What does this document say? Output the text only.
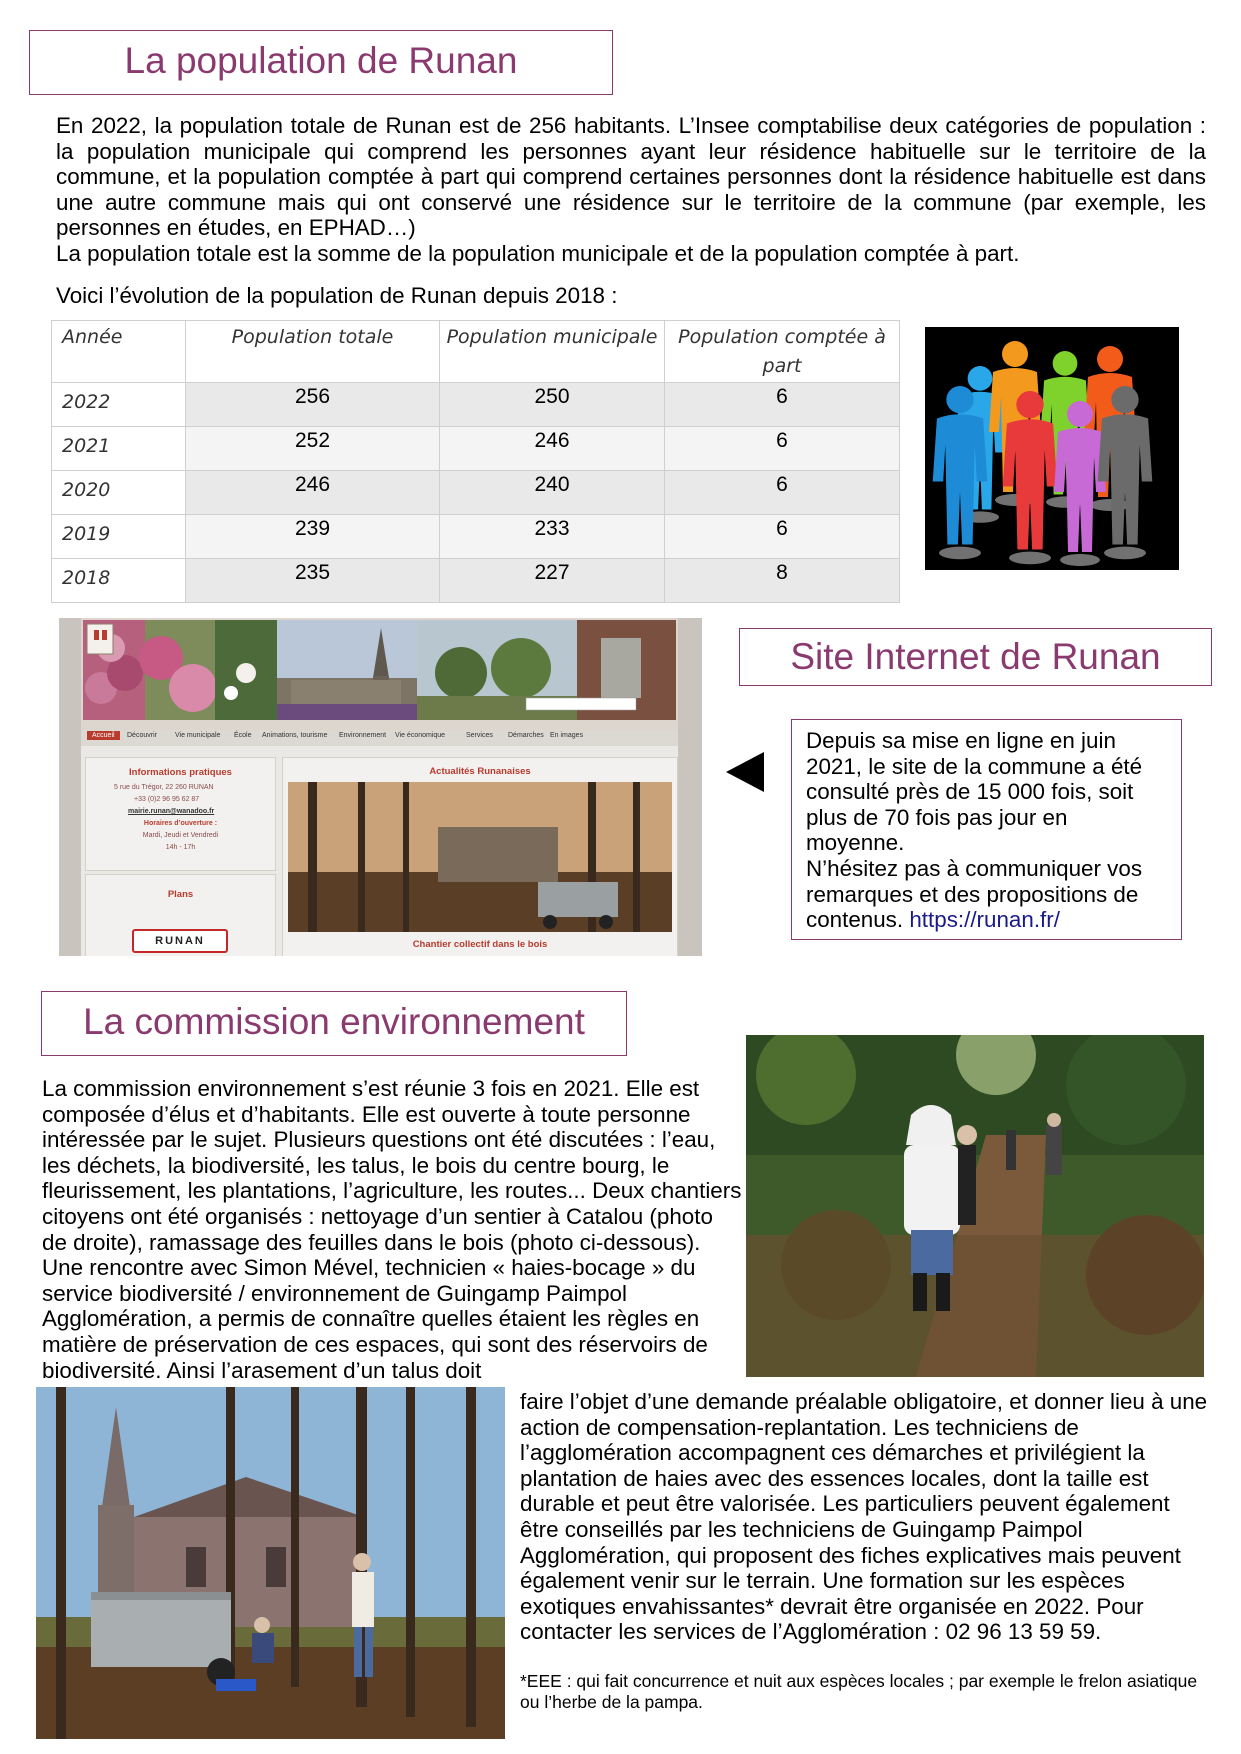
La population de Runan

En 2022, la population totale de Runan est de 256 habitants. L’Insee comptabilise deux catégories de population : la population municipale qui comprend les personnes ayant leur résidence habituelle sur le territoire de la commune, et la population comptée à part qui comprend certaines personnes dont la résidence habituelle est dans une autre commune mais qui ont conservé une résidence sur le territoire de la commune (par exemple, les personnes en études, en EPHAD…)

La population totale est la somme de la population municipale et de la population comptée à part.

Voici l’évolution de la population de Runan depuis 2018 :
Année	Population totale	Population municipale	Population comptée à part
2022	256	250	6
2021	252	246	6
2020	246	240	6
2019	239	233	6
2018	235	227	8
Accueil	Découvrir	Vie municipale École Animations, tourisme Environnement Vie économique	Services Démarches En images
Informations pratiques
5 rue du Trégor, 22 260 RUNAN
+33 (0)2 96 95 62 87
mairie.runan@wanadoo.fr
Horaires d’ouverture :
Mardi, Jeudi et Vendredi
14h - 17h
Plans
RUNAN
Actualités Runanaises
Chantier collectif dans le bois
Site Internet de Runan

Depuis sa mise en ligne en juin 2021, le site de la commune a été consulté près de 15 000 fois, soit plus de 70 fois pas jour en moyenne.

N’hésitez pas à communiquer vos remarques et des propositions de contenus. https://runan.fr/

La commission environnement
La commission environnement s’est réunie 3 fois en 2021. Elle est composée d’élus et d’habitants. Elle est ouverte à toute personne intéressée par le sujet. Plusieurs questions ont été discutées : l’eau, les déchets, la biodiversité, les talus, le bois du centre bourg, le fleurissement, les plantations, l’agriculture, les routes... Deux chantiers citoyens ont été organisés : nettoyage d’un sentier à Catalou (photo de droite), ramassage des feuilles dans le bois (photo ci-dessous). Une rencontre avec Simon Mével, technicien « haies-bocage » du service biodiversité / environnement de Guingamp Paimpol Agglomération, a permis de connaître quelles étaient les règles en matière de préservation de ces espaces, qui sont des réservoirs de biodiversité. Ainsi l’arasement d’un talus doit
faire l’objet d’une demande préalable obligatoire, et donner lieu à une action de compensation-replantation. Les techniciens de l’agglomération accompagnent ces démarches et privilégient la plantation de haies avec des essences locales, dont la taille est durable et peut être valorisée. Les particuliers peuvent également être conseillés par les techniciens de Guingamp Paimpol Agglomération, qui proposent des fiches explicatives mais peuvent également venir sur le terrain. Une formation sur les espèces exotiques envahissantes* devrait être organisée en 2022. Pour contacter les services de l’Agglomération : 02 96 13 59 59.
*EEE : qui fait concurrence et nuit aux espèces locales ; par exemple le frelon asiatique ou l’herbe de la pampa.
